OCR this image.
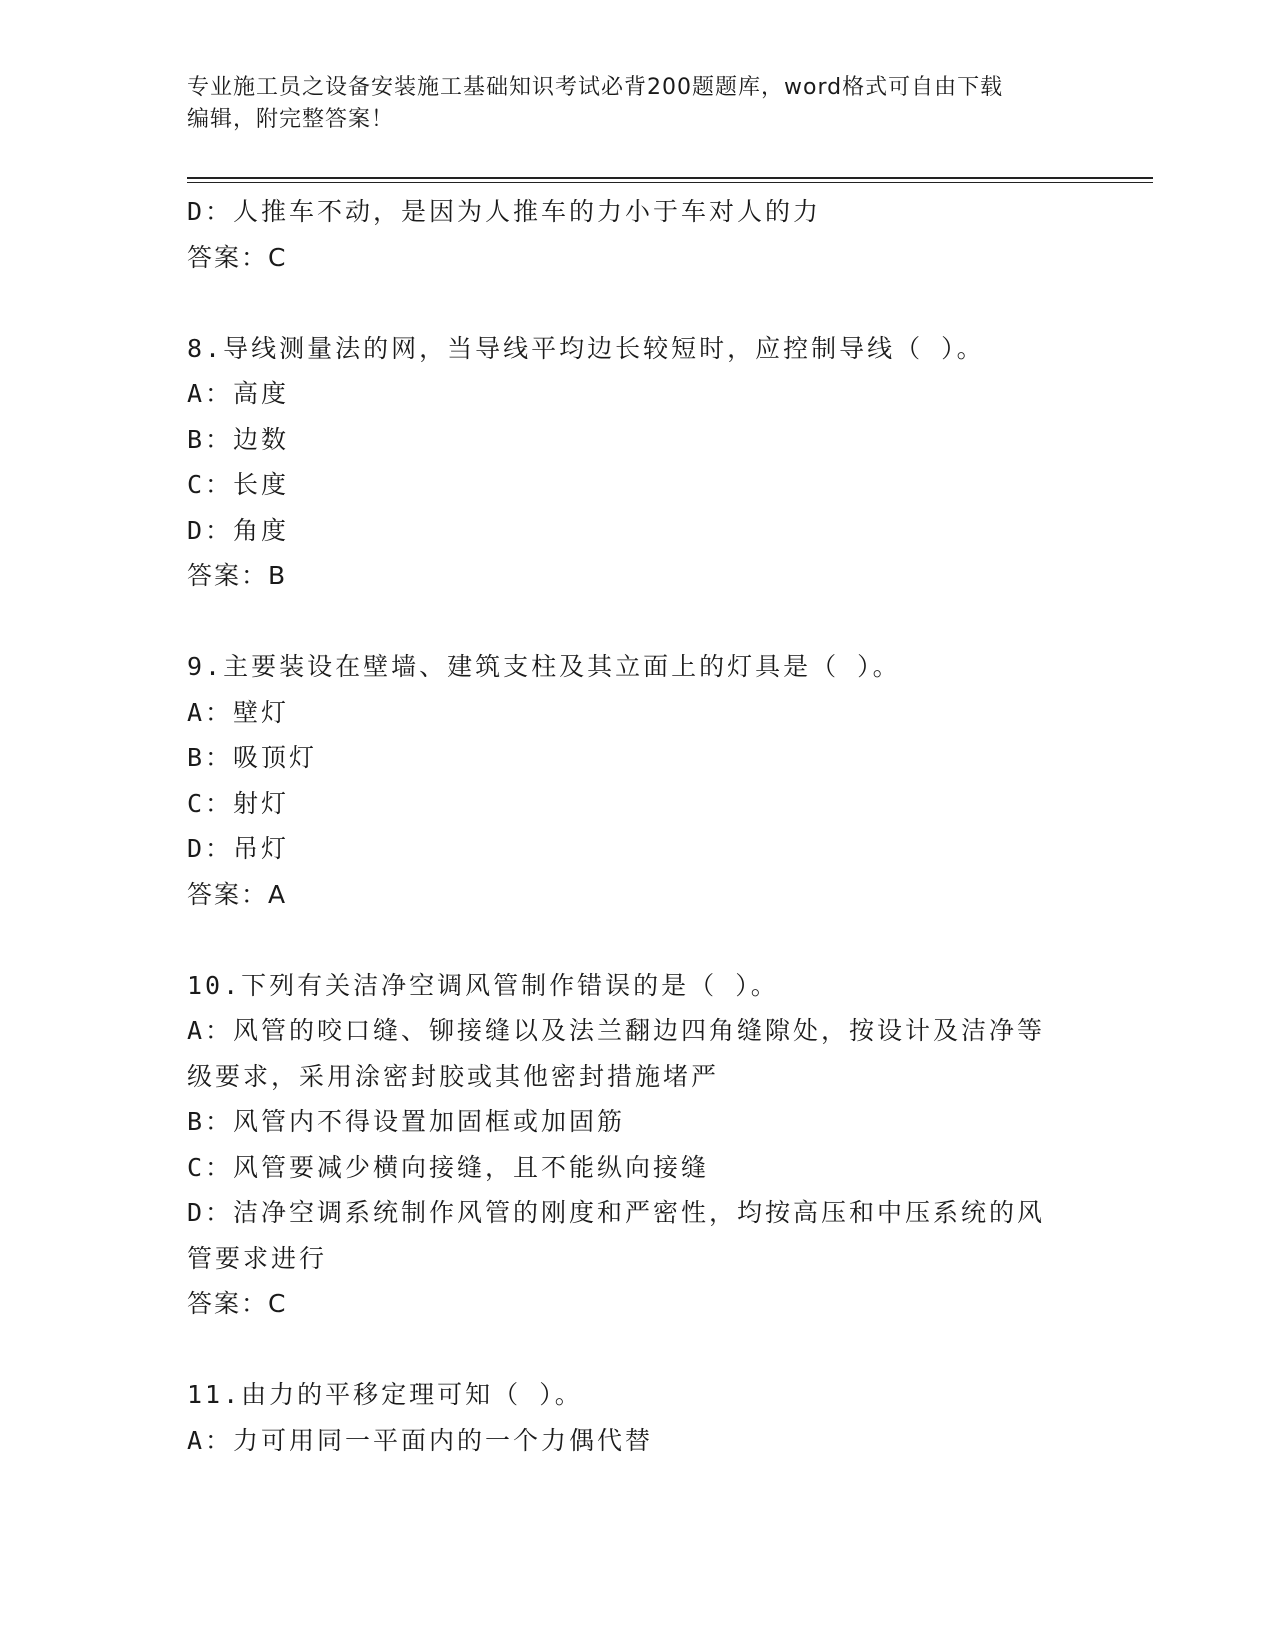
专业施工员之设备安装施工基础知识考试必背200题题库，word格式可自由下载
编辑，附完整答案！
D：人推车不动，是因为人推车的力小于车对人的力
答案：C
8.导线测量法的网，当导线平均边长较短时，应控制导线（ ）。
A：高度
B：边数
C：长度
D：角度
答案：B
9.主要装设在壁墙、建筑支柱及其立面上的灯具是（ ）。
A：壁灯
B：吸顶灯
C：射灯
D：吊灯
答案：A
10.下列有关洁净空调风管制作错误的是（ ）。
A：风管的咬口缝、铆接缝以及法兰翻边四角缝隙处，按设计及洁净等
级要求，采用涂密封胶或其他密封措施堵严
B：风管内不得设置加固框或加固筋
C：风管要减少横向接缝，且不能纵向接缝
D：洁净空调系统制作风管的刚度和严密性，均按高压和中压系统的风
管要求进行
答案：C
11.由力的平移定理可知（ ）。
A：力可用同一平面内的一个力偶代替
